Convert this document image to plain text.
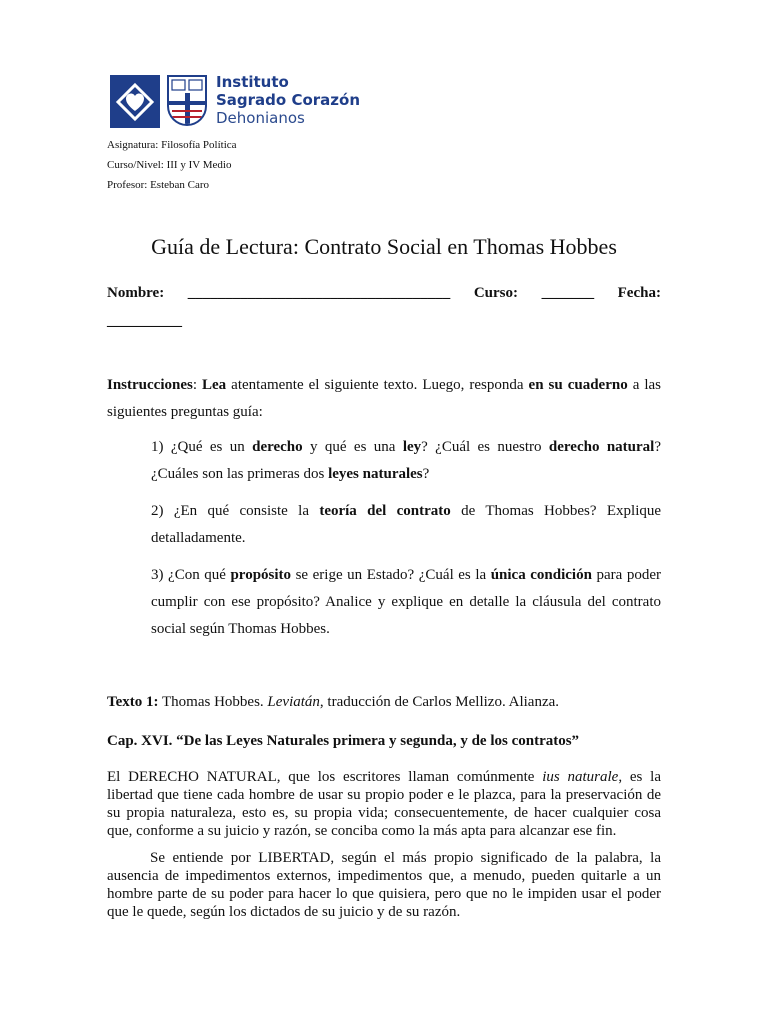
Instituto
Sagrado Corazón
Dehonianos
Asignatura: Filosofía Política
Curso/Nivel: III y IV Medio
Profesor: Esteban Caro
Guía de Lectura: Contrato Social en Thomas Hobbes
Nombre: ___________________________________ Curso: _______ Fecha:
__________
Instrucciones: Lea atentamente el siguiente texto. Luego, responda en su cuaderno a las siguientes preguntas guía:

1) ¿Qué es un derecho y qué es una ley? ¿Cuál es nuestro derecho natural? ¿Cuáles son las primeras dos leyes naturales?

2) ¿En qué consiste la teoría del contrato de Thomas Hobbes? Explique detalladamente.

3) ¿Con qué propósito se erige un Estado? ¿Cuál es la única condición para poder cumplir con ese propósito? Analice y explique en detalle la cláusula del contrato social según Thomas Hobbes.

Texto 1: Thomas Hobbes. Leviatán, traducción de Carlos Mellizo. Alianza.
Cap. XVI. “De las Leyes Naturales primera y segunda, y de los contratos”

El DERECHO NATURAL, que los escritores llaman comúnmente ius naturale, es la libertad que tiene cada hombre de usar su propio poder e le plazca, para la preservación de su propia naturaleza, esto es, su propia vida; consecuentemente, de hacer cualquier cosa que, conforme a su juicio y razón, se conciba como la más apta para alcanzar ese fin.

Se entiende por LIBERTAD, según el más propio significado de la palabra, la ausencia de impedimentos externos, impedimentos que, a menudo, pueden quitarle a un hombre parte de su poder para hacer lo que quisiera, pero que no le impiden usar el poder que le quede, según los dictados de su juicio y de su razón.
